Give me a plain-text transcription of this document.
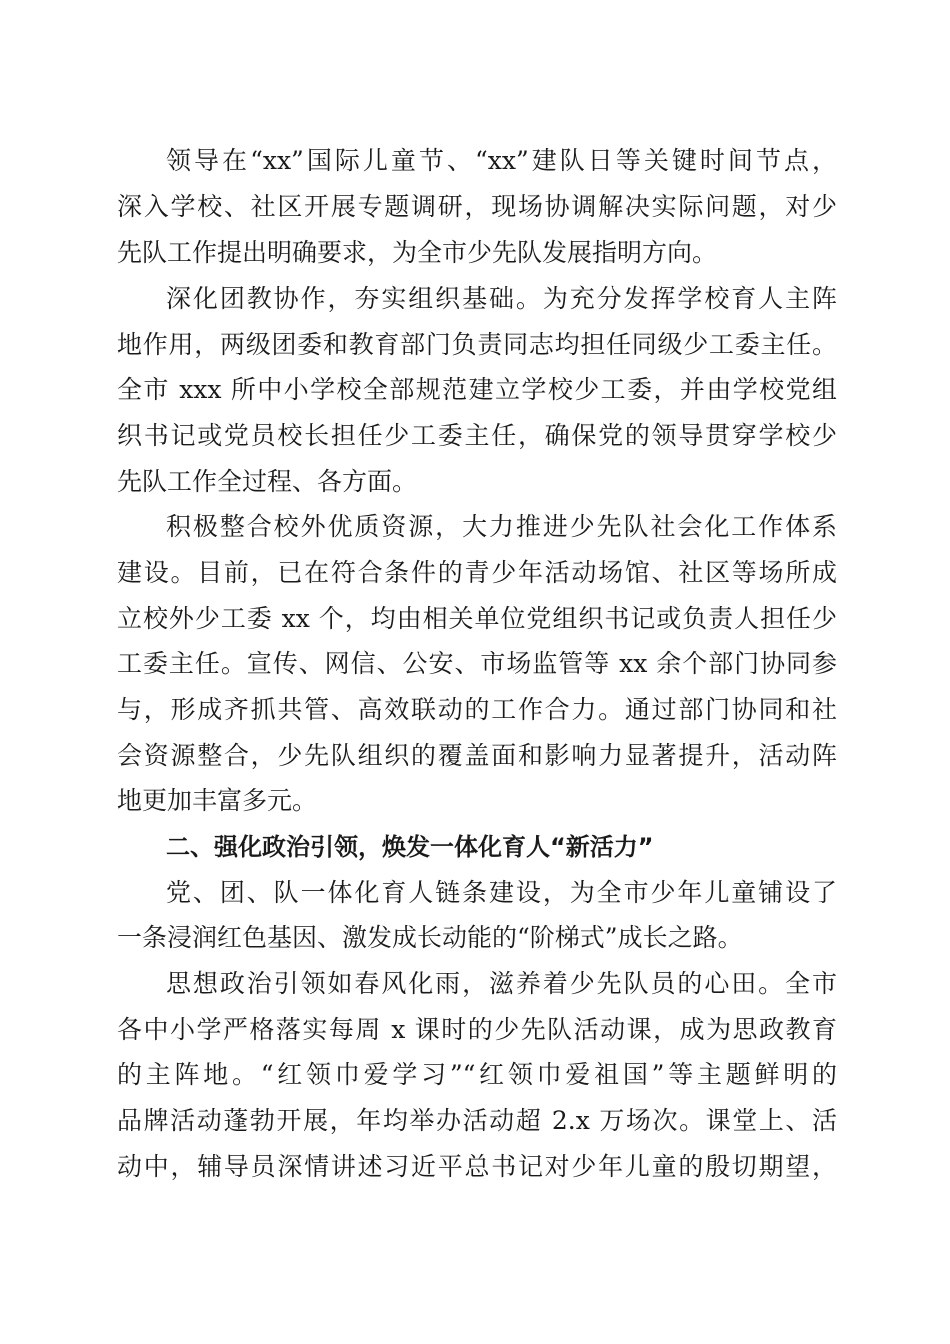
领导在“xx”国际儿童节、“xx”建队日等关键时间节点，
深入学校、社区开展专题调研，现场协调解决实际问题，对少
先队工作提出明确要求，为全市少先队发展指明方向。
深化团教协作，夯实组织基础。为充分发挥学校育人主阵
地作用，两级团委和教育部门负责同志均担任同级少工委主任。
全市 xxx 所中小学校全部规范建立学校少工委，并由学校党组
织书记或党员校长担任少工委主任，确保党的领导贯穿学校少
先队工作全过程、各方面。
积极整合校外优质资源，大力推进少先队社会化工作体系
建设。目前，已在符合条件的青少年活动场馆、社区等场所成
立校外少工委 xx 个，均由相关单位党组织书记或负责人担任少
工委主任。宣传、网信、公安、市场监管等 xx 余个部门协同参
与，形成齐抓共管、高效联动的工作合力。通过部门协同和社
会资源整合，少先队组织的覆盖面和影响力显著提升，活动阵
地更加丰富多元。
二、强化政治引领，焕发一体化育人“新活力”
党、团、队一体化育人链条建设，为全市少年儿童铺设了
一条浸润红色基因、激发成长动能的“阶梯式”成长之路。
思想政治引领如春风化雨，滋养着少先队员的心田。全市
各中小学严格落实每周 x 课时的少先队活动课，成为思政教育
的主阵地。“红领巾爱学习”“红领巾爱祖国”等主题鲜明的
品牌活动蓬勃开展，年均举办活动超 2.x 万场次。课堂上、活
动中，辅导员深情讲述习近平总书记对少年儿童的殷切期望，
